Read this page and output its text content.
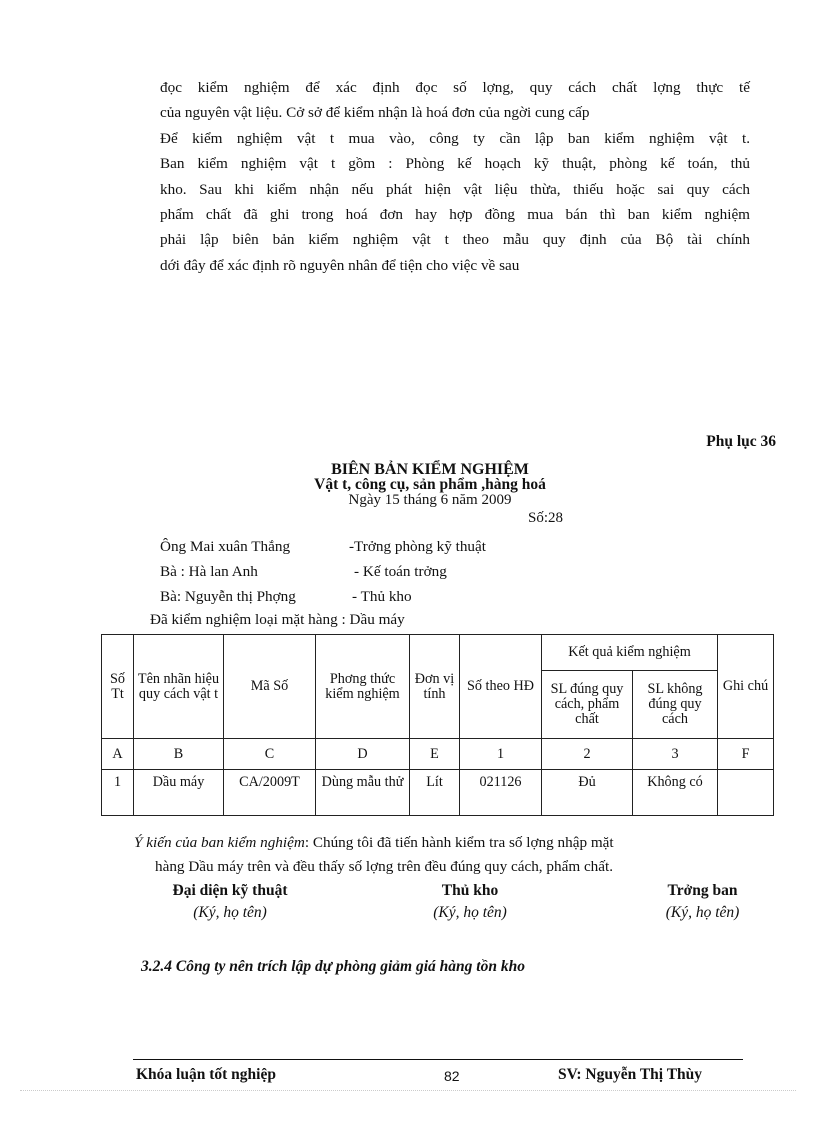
đọc kiểm nghiệm để xác định đọc số lợng, quy cách chất lợng thực tế
của nguyên vật liệu. Cở sở để kiểm nhận là hoá đơn của ngời cung cấp
Để kiểm nghiệm vật t mua vào, công ty cần lập ban kiểm nghiệm vật t.
Ban kiểm nghiệm vật t gồm : Phòng kế hoạch kỹ thuật, phòng kế toán, thủ
kho. Sau khi kiểm nhận nếu phát hiện vật liệu thừa, thiếu hoặc sai quy cách
phẩm chất đã ghi trong hoá đơn hay hợp đồng mua bán thì ban kiểm nghiệm
phải lập biên bản kiểm nghiệm vật t theo mẫu quy định của Bộ tài chính
dới đây để xác định rõ nguyên nhân để tiện cho việc về sau
Phụ lục 36
BIÊN BẢN KIỂM NGHIỆM
Vật t, công cụ, sản phẩm ,hàng hoá
Ngày 15 tháng 6 năm 2009
Số:28
Ông Mai xuân Thắng	-Trởng phòng kỹ thuật
Bà : Hà lan Anh	- Kế toán trởng
Bà: Nguyễn thị Phợng	- Thủ kho
Đã kiểm nghiệm loại mặt hàng : Dầu máy
Số Tt	Tên nhãn hiệu quy cách vật t	Mã Số	Phơng thức kiểm nghiệm	Đơn vị tính	Số theo HĐ	Kết quả kiểm nghiệm		Ghi chú
						SL đúng quy cách, phẩm chất	SL không đúng quy cách	
A	B	C	D	E	1	2	3	F
1	Dầu máy	CA/2009T	Dùng mẫu thử	Lít	021126	Đủ	Không có	
Ý kiến của ban kiểm nghiệm: Chúng tôi đã tiến hành kiểm tra số lợng nhập mặt
hàng Dầu máy trên và đều thấy số lợng trên đều đúng quy cách, phẩm chất.
Đại diện kỹ thuật
(Ký, họ tên)
Thủ kho
(Ký, họ tên)
Trởng ban
(Ký, họ tên)
3.2.4 Công ty nên trích lập dự phòng giảm giá hàng tồn kho
Khóa luận tốt nghiệp	82	SV: Nguyễn Thị Thùy
